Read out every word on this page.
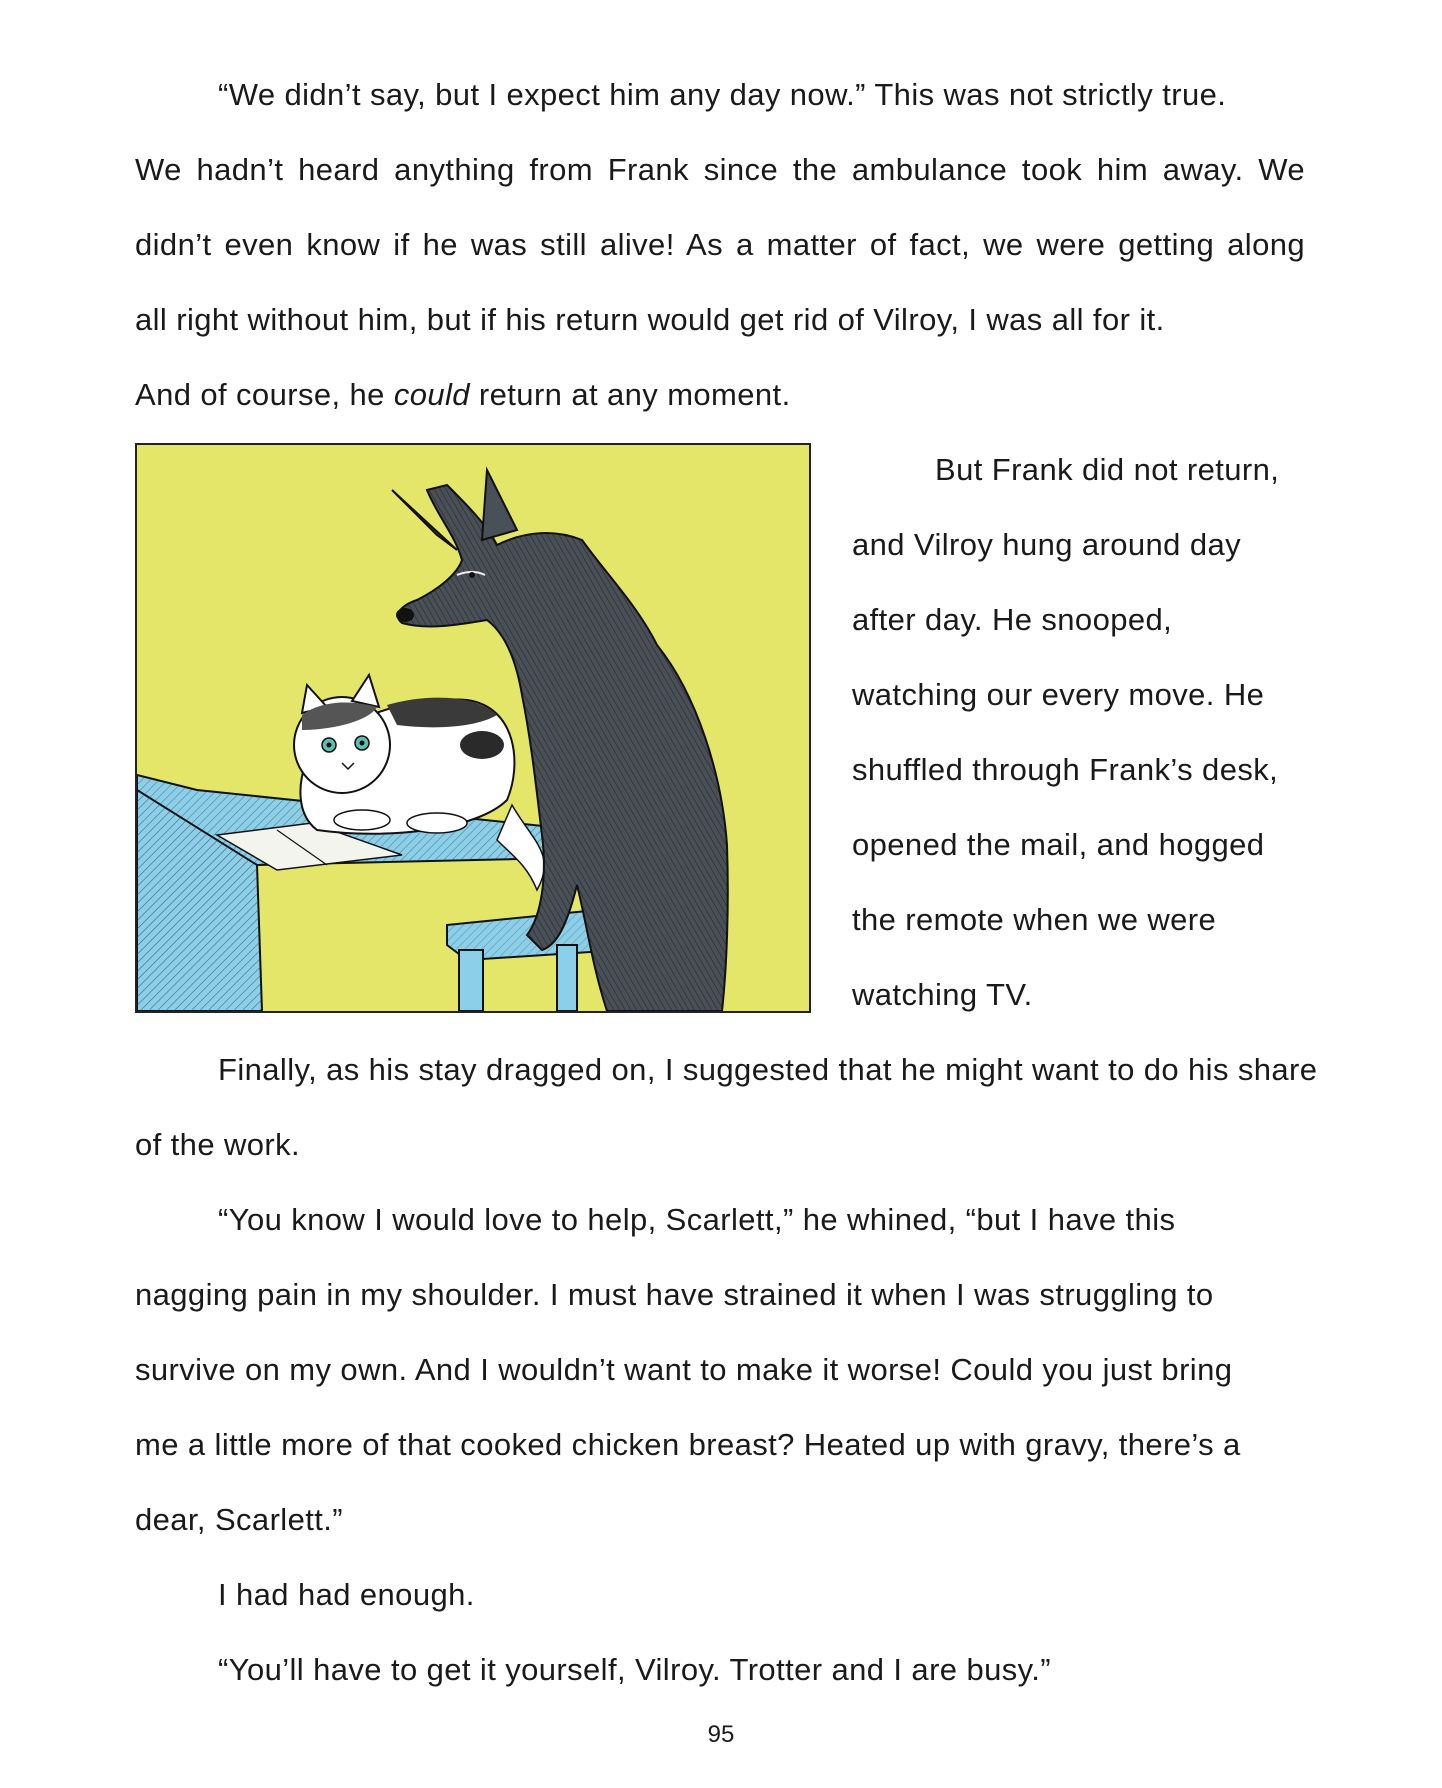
“We didn’t say, but I expect him any day now.” This was not strictly true.
We hadn’t heard anything from Frank since the ambulance took him away. We
didn’t even know if he was still alive! As a matter of fact, we were getting along
all right without him, but if his return would get rid of Vilroy, I was all for it.
And of course, he could return at any moment.
But Frank did not return,
and Vilroy hung around day
after day. He snooped,
watching our every move. He
shuffled through Frank’s desk,
opened the mail, and hogged
the remote when we were
watching TV.
Finally, as his stay dragged on, I suggested that he might want to do his share
of the work.
“You know I would love to help, Scarlett,” he whined, “but I have this
nagging pain in my shoulder. I must have strained it when I was struggling to
survive on my own. And I wouldn’t want to make it worse! Could you just bring
me a little more of that cooked chicken breast? Heated up with gravy, there’s a
dear, Scarlett.”
I had had enough.
“You’ll have to get it yourself, Vilroy. Trotter and I are busy.”
95
